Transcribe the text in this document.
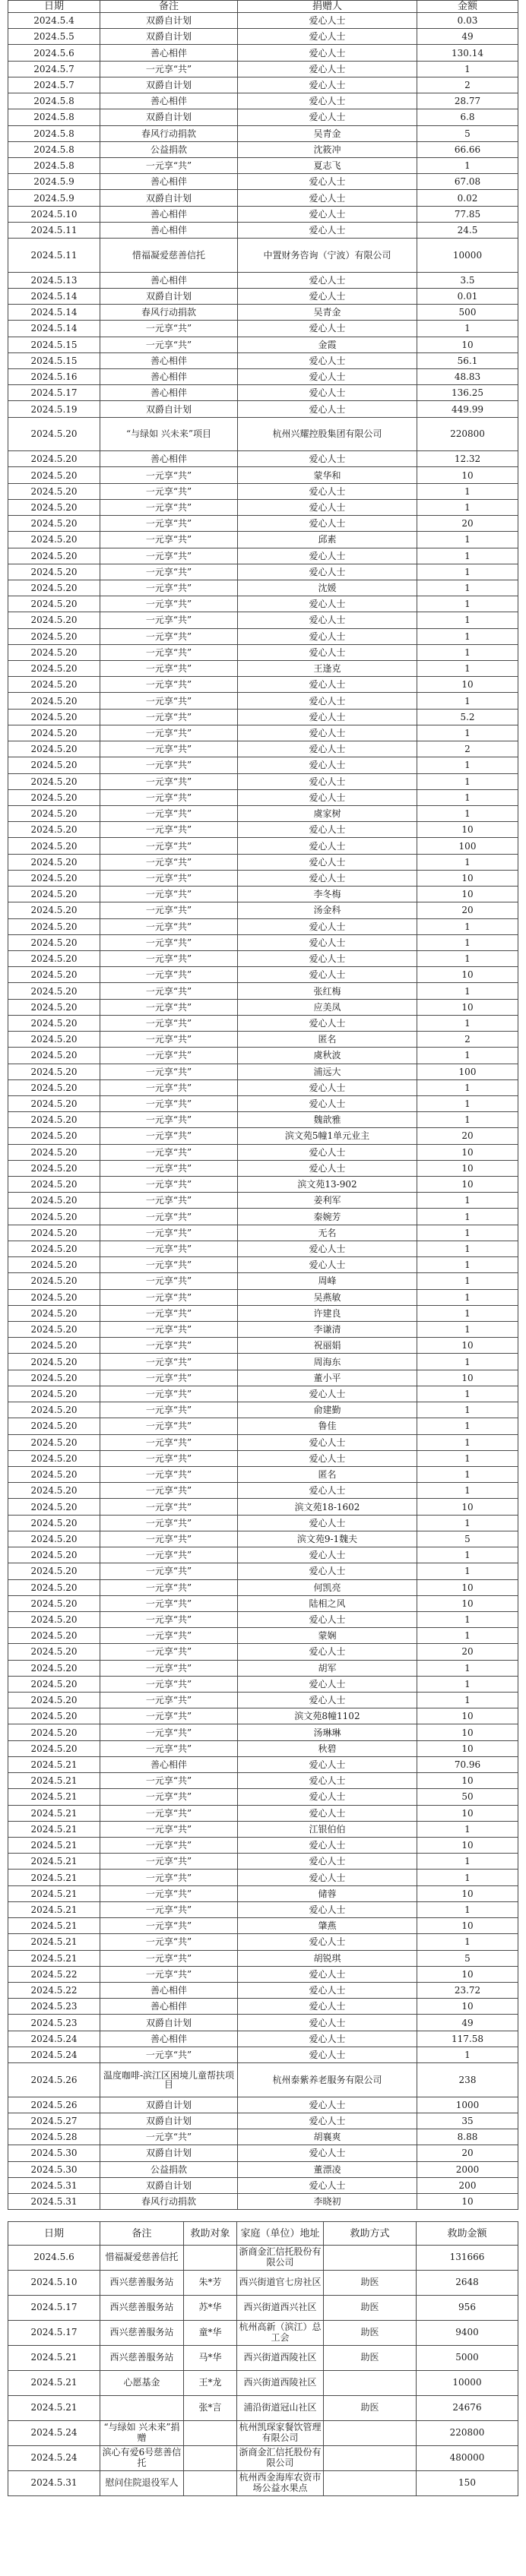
日期	备注	捐赠人	金额
2024.5.4	双爵自计划	爱心人士	0.03
2024.5.5	双爵自计划	爱心人士	49
2024.5.6	善心相伴	爱心人士	130.14
2024.5.7	一元享“共”	爱心人士	1
2024.5.7	双爵自计划	爱心人士	2
2024.5.8	善心相伴	爱心人士	28.77
2024.5.8	双爵自计划	爱心人士	6.8
2024.5.8	春风行动捐款	吴青金	5
2024.5.8	公益捐款	沈筱冲	66.66
2024.5.8	一元享“共”	夏志飞	1
2024.5.9	善心相伴	爱心人士	67.08
2024.5.9	双爵自计划	爱心人士	0.02
2024.5.10	善心相伴	爱心人士	77.85
2024.5.11	善心相伴	爱心人士	24.5
2024.5.11	惜福凝爱慈善信托	中置财务咨询（宁波）有限公司	10000
2024.5.13	善心相伴	爱心人士	3.5
2024.5.14	双爵自计划	爱心人士	0.01
2024.5.14	春风行动捐款	吴青金	500
2024.5.14	一元享“共”	爱心人士	1
2024.5.15	一元享“共”	金霞	10
2024.5.15	善心相伴	爱心人士	56.1
2024.5.16	善心相伴	爱心人士	48.83
2024.5.17	善心相伴	爱心人士	136.25
2024.5.19	双爵自计划	爱心人士	449.99
2024.5.20	“与绿如 兴未来”项目	杭州兴耀控股集团有限公司	220800
2024.5.20	善心相伴	爱心人士	12.32
2024.5.20	一元享“共”	蒙华和	10
2024.5.20	一元享“共”	爱心人士	1
2024.5.20	一元享“共”	爱心人士	1
2024.5.20	一元享“共”	爱心人士	20
2024.5.20	一元享“共”	邱素	1
2024.5.20	一元享“共”	爱心人士	1
2024.5.20	一元享“共”	爱心人士	1
2024.5.20	一元享“共”	沈媛	1
2024.5.20	一元享“共”	爱心人士	1
2024.5.20	一元享“共”	爱心人士	1
2024.5.20	一元享“共”	爱心人士	1
2024.5.20	一元享“共”	爱心人士	1
2024.5.20	一元享“共”	王逢克	1
2024.5.20	一元享“共”	爱心人士	10
2024.5.20	一元享“共”	爱心人士	1
2024.5.20	一元享“共”	爱心人士	5.2
2024.5.20	一元享“共”	爱心人士	1
2024.5.20	一元享“共”	爱心人士	2
2024.5.20	一元享“共”	爱心人士	1
2024.5.20	一元享“共”	爱心人士	1
2024.5.20	一元享“共”	爱心人士	1
2024.5.20	一元享“共”	虞家树	1
2024.5.20	一元享“共”	爱心人士	10
2024.5.20	一元享“共”	爱心人士	100
2024.5.20	一元享“共”	爱心人士	1
2024.5.20	一元享“共”	爱心人士	10
2024.5.20	一元享“共”	李冬梅	10
2024.5.20	一元享“共”	汤金科	20
2024.5.20	一元享“共”	爱心人士	1
2024.5.20	一元享“共”	爱心人士	1
2024.5.20	一元享“共”	爱心人士	1
2024.5.20	一元享“共”	爱心人士	10
2024.5.20	一元享“共”	张红梅	1
2024.5.20	一元享“共”	应美凤	10
2024.5.20	一元享“共”	爱心人士	1
2024.5.20	一元享“共”	匿名	2
2024.5.20	一元享“共”	虞秋波	1
2024.5.20	一元享“共”	浦远大	100
2024.5.20	一元享“共”	爱心人士	1
2024.5.20	一元享“共”	爱心人士	1
2024.5.20	一元享“共”	魏歆雅	1
2024.5.20	一元享“共”	滨文苑5幢1单元业主	20
2024.5.20	一元享“共”	爱心人士	10
2024.5.20	一元享“共”	爱心人士	10
2024.5.20	一元享“共”	滨文苑13-902	10
2024.5.20	一元享“共”	姜利军	1
2024.5.20	一元享“共”	秦婉芳	1
2024.5.20	一元享“共”	无名	1
2024.5.20	一元享“共”	爱心人士	1
2024.5.20	一元享“共”	爱心人士	1
2024.5.20	一元享“共”	周峰	1
2024.5.20	一元享“共”	吴燕敏	1
2024.5.20	一元享“共”	许建良	1
2024.5.20	一元享“共”	李谦清	1
2024.5.20	一元享“共”	祝丽娟	10
2024.5.20	一元享“共”	周海东	1
2024.5.20	一元享“共”	董小平	10
2024.5.20	一元享“共”	爱心人士	1
2024.5.20	一元享“共”	俞建勤	1
2024.5.20	一元享“共”	鲁佳	1
2024.5.20	一元享“共”	爱心人士	1
2024.5.20	一元享“共”	爱心人士	1
2024.5.20	一元享“共”	匿名	1
2024.5.20	一元享“共”	爱心人士	1
2024.5.20	一元享“共”	滨文苑18-1602	10
2024.5.20	一元享“共”	爱心人士	1
2024.5.20	一元享“共”	滨文苑9-1魏夫	5
2024.5.20	一元享“共”	爱心人士	1
2024.5.20	一元享“共”	爱心人士	1
2024.5.20	一元享“共”	何凯亮	10
2024.5.20	一元享“共”	陆相之风	10
2024.5.20	一元享“共”	爱心人士	1
2024.5.20	一元享“共”	蒙娴	1
2024.5.20	一元享“共”	爱心人士	20
2024.5.20	一元享“共”	胡军	1
2024.5.20	一元享“共”	爱心人士	1
2024.5.20	一元享“共”	爱心人士	1
2024.5.20	一元享“共”	滨文苑8幢1102	10
2024.5.20	一元享“共”	汤琳琳	10
2024.5.20	一元享“共”	秋碧	10
2024.5.21	善心相伴	爱心人士	70.96
2024.5.21	一元享“共”	爱心人士	10
2024.5.21	一元享“共”	爱心人士	50
2024.5.21	一元享“共”	爱心人士	10
2024.5.21	一元享“共”	江银伯伯	1
2024.5.21	一元享“共”	爱心人士	10
2024.5.21	一元享“共”	爱心人士	1
2024.5.21	一元享“共”	爱心人士	1
2024.5.21	一元享“共”	储蓉	10
2024.5.21	一元享“共”	爱心人士	1
2024.5.21	一元享“共”	肇燕	10
2024.5.21	一元享“共”	爱心人士	1
2024.5.21	一元享“共”	胡锐琪	5
2024.5.22	一元享“共”	爱心人士	10
2024.5.22	善心相伴	爱心人士	23.72
2024.5.23	善心相伴	爱心人士	10
2024.5.23	双爵自计划	爱心人士	49
2024.5.24	善心相伴	爱心人士	117.58
2024.5.24	一元享“共”	爱心人士	1
2024.5.26	温度咖啡-滨江区困境儿童帮扶项目	杭州泰紫养老服务有限公司	238
2024.5.26	双爵自计划	爱心人士	1000
2024.5.27	双爵自计划	爱心人士	35
2024.5.28	一元享“共”	胡襄爽	8.88
2024.5.30	双爵自计划	爱心人士	20
2024.5.30	公益捐款	董漂凌	2000
2024.5.31	双爵自计划	爱心人士	200
2024.5.31	春风行动捐款	李晓初	10
日期	备注	救助对象	家庭（单位）地址	救助方式	救助金额
2024.5.6	惜福凝爱慈善信托		浙商金汇信托股份有限公司		131666
2024.5.10	西兴慈善服务站	朱*芳	西兴街道官七房社区	助医	2648
2024.5.17	西兴慈善服务站	苏*华	西兴街道西兴社区	助医	956
2024.5.17	西兴慈善服务站	童*华	杭州高新（滨江）总工会	助医	9400
2024.5.21	西兴慈善服务站	马*华	西兴街道西陵社区	助医	5000
2024.5.21	心愿基金	王*龙	西兴街道西陵社区		10000
2024.5.21		张*言	浦沿街道冠山社区	助医	24676
2024.5.24	“与绿如 兴未来”捐赠		杭州凯琛家餐饮管理有限公司		220800
2024.5.24	滨心有爱6号慈善信托		浙商金汇信托股份有限公司		480000
2024.5.31	慰问住院退役军人		杭州西金海库农资市场公益水果点		150
